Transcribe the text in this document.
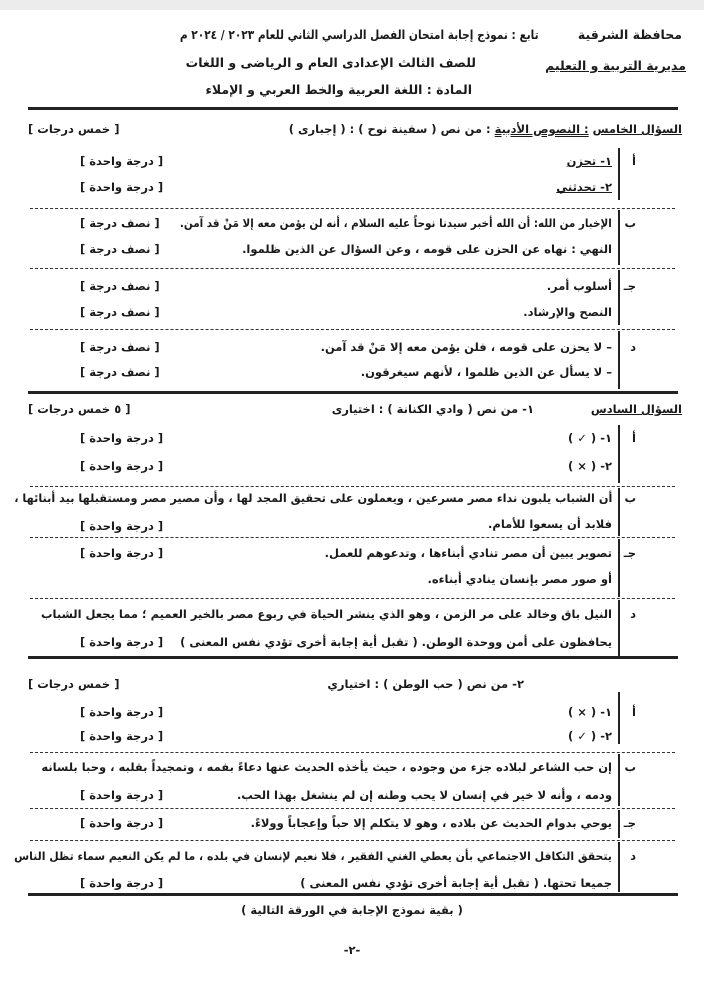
محافظة الشرقية
مديرية التربية و التعليم
تابع : نموذج إجابة امتحان الفصل الدراسي الثاني للعام ٢٠٢٣ / ٢٠٢٤ م
للصف الثالث الإعدادى العام و الرياضى و اللغات
المادة : اللغة العربية والخط العربي و الإملاء
السؤال الخامس : النصوص الأدبية : من نص ( سفينة نوح ) : ( إجبارى )
[ خمس درجات ]
أ
١- تحزن
٢- تحدثني
[ درجة واحدة ]
[ درجة واحدة ]
ب
الإخبار من الله: أن الله أخبر سيدنا نوحاً عليه السلام ، أنه لن يؤمن معه إلا مَنْ قد آمن.
النهي : نهاه عن الحزن على قومه ، وعن السؤال عن الذين ظلموا.
[ نصف درجة ]
[ نصف درجة ]
جـ
أسلوب أمر.
النصح والإرشاد.
[ نصف درجة ]
[ نصف درجة ]
د
– لا يحزن على قومه ، فلن يؤمن معه إلا مَنْ قد آمن.
– لا يسأل عن الذين ظلموا ، لأنهم سيغرقون.
[ نصف درجة ]
[ نصف درجة ]
السؤال السادس
١- من نص ( وادي الكنانة ) : اختيارى
[ ٥ خمس درجات ]
أ
١- ( ✓ )
٢- ( × )
[ درجة واحدة ]
[ درجة واحدة ]
ب
أن الشباب يلبون نداء مصر مسرعين ، ويعملون على تحقيق المجد لها ، وأن مصير مصر ومستقبلها بيد أبنائها ،
فلابد أن يسعوا للأمام.
[ درجة واحدة ]
جـ
تصوير يبين أن مصر تنادي أبناءها ، وتدعوهم للعمل.
أو صور مصر بإنسان ينادي أبناءه.
[ درجة واحدة ]
د
النيل باق وخالد على مر الزمن ، وهو الذي ينشر الحياة في ربوع مصر بالخير العميم ؛ مما يجعل الشباب
يحافظون على أمن ووحدة الوطن. ( تقبل أية إجابة أخرى تؤدي نفس المعنى )
[ درجة واحدة ]
٢- من نص ( حب الوطن ) : اختياري
[ خمس درجات ]
أ
١- ( × )
٢- ( ✓ )
[ درجة واحدة ]
[ درجة واحدة ]
ب
إن حب الشاعر لبلاده جزء من وجوده ، حيث يأخذه الحديث عنها دعاءً بفمه ، وتمجيداً بقلبه ، وحبا بلسانه
ودمه ، وأنه لا خير في إنسان لا يحب وطنه إن لم ينشغل بهذا الحب.
[ درجة واحدة ]
جـ
يوحي بدوام الحديث عن بلاده ، وهو لا يتكلم إلا حباً وإعجاباً وولاءً.
[ درجة واحدة ]
د
يتحقق التكافل الاجتماعي بأن يعطي الغني الفقير ، فلا نعيم لإنسان في بلده ، ما لم يكن النعيم سماء تظل الناس
جميعا تحتها. ( تقبل أية إجابة أخرى تؤدي نفس المعنى )
[ درجة واحدة ]
( بقية نموذج الإجابة في الورقة التالية )
-٢-
